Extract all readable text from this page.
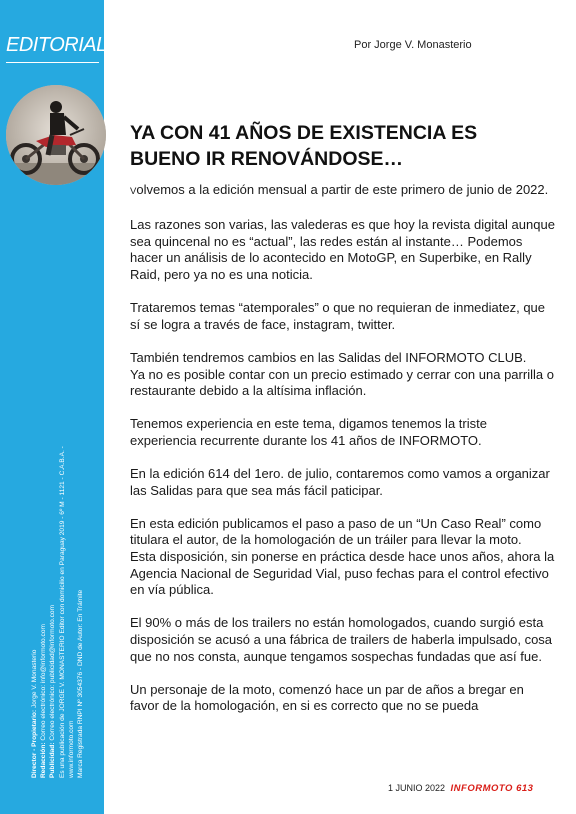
EDITORIAL
Director - Propietario: Jorge V. Monasterio
Redacción: Correo electrónico: info@informoto.com
Publicidad: Correo electrónico: publicidad@informoto.com Es una publicación de JORGE V. MONASTERIO Editor con domicilio en Paraguay 2019 - 6º M - 1121 - C.A.B.A. - www.informoto.com Marca Registrada RNPI Nº 3054376 - DND de Autor: En Trámite
Por Jorge V. Monasterio
YA CON 41 AÑOS DE EXISTENCIA ES BUENO IR RENOVÁNDOSE…

Volvemos a la edición mensual a partir de este primero de junio de 2022.

Las razones son varias, las valederas es que hoy la revista digital aunque sea quincenal no es “actual”, las redes están al instante… Podemos hacer un análisis de lo acontecido en MotoGP, en Superbike, en Rally Raid, pero ya no es una noticia.

Trataremos temas “atemporales” o que no requieran de inmediatez, que sí se logra a través de face, instagram, twitter.

También tendremos cambios en las Salidas del INFORMOTO CLUB.
Ya no es posible contar con un precio estimado y cerrar con una parrilla o restaurante debido a la altísima inflación.

Tenemos experiencia en este tema, digamos tenemos la triste experiencia recurrente durante los 41 años de INFORMOTO.

En la edición 614 del 1ero. de julio, contaremos como vamos a organizar las Salidas para que sea más fácil paticipar.

En esta edición publicamos el paso a paso de un “Un Caso Real” como titulara el autor, de la homologación de un tráiler para llevar la moto.
Esta disposición, sin ponerse en práctica desde hace unos años, ahora la Agencia Nacional de Seguridad Vial, puso fechas para el control efectivo en vía pública.

El 90% o más de los trailers no están homologados, cuando surgió esta disposición se acusó a una fábrica de trailers de haberla impulsado, cosa que no nos consta, aunque tengamos sospechas fundadas que así fue.

Un personaje de la moto, comenzó hace un par de años a bregar en favor de la homologación, en si es correcto que no se pueda

1 JUNIO 2022 INFORMOTO 613
